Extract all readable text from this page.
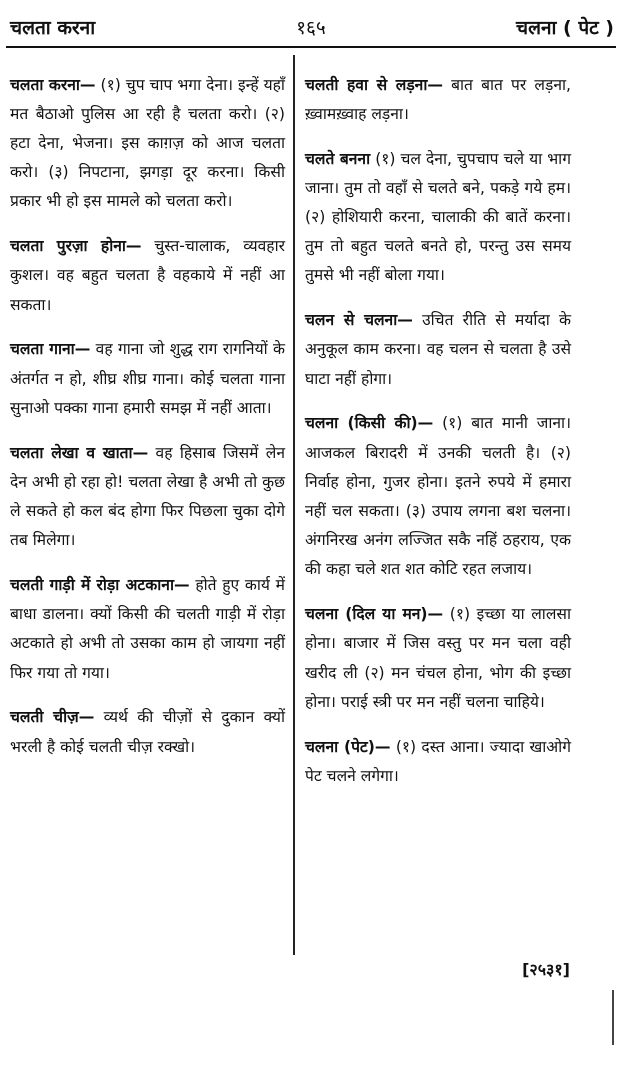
चलता करना	१६५	चलना ( पेट )

चलता करना— (१) चुप चाप भगा देना। इन्हें यहाँ मत बैठाओ पुलिस आ रही है चलता करो। (२) हटा देना, भेजना। इस काग़ज़ को आज चलता करो। (३) निपटाना, झगड़ा दूर करना। किसी प्रकार भी हो इस मामले को चलता करो।

चलता पुरज़ा होना— चुस्त-चालाक, व्यवहार कुशल। वह बहुत चलता है वहकाये में नहीं आ सकता।

चलता गाना— वह गाना जो शुद्ध राग रागनियों के अंतर्गत न हो, शीघ्र शीघ्र गाना। कोई चलता गाना सुनाओ पक्का गाना हमारी समझ में नहीं आता।

चलता लेखा व खाता— वह हिसाब जिसमें लेन देन अभी हो रहा हो! चलता लेखा है अभी तो कुछ ले सकते हो कल बंद होगा फिर पिछला चुका दोगे तब मिलेगा।

चलती गाड़ी में रोड़ा अटकाना— होते हुए कार्य में बाधा डालना। क्यों किसी की चलती गाड़ी में रोड़ा अटकाते हो अभी तो उसका काम हो जायगा नहीं फिर गया तो गया।

चलती चीज़— व्यर्थ की चीज़ों से दुकान क्यों भरली है कोई चलती चीज़ रक्खो।

चलती हवा से लड़ना— बात बात पर लड़ना, ख़्वामख़्वाह लड़ना।

चलते बनना (१) चल देना, चुपचाप चले या भाग जाना। तुम तो वहाँ से चलते बने, पकड़े गये हम। (२) होशियारी करना, चालाकी की बातें करना। तुम तो बहुत चलते बनते हो, परन्तु उस समय तुमसे भी नहीं बोला गया।

चलन से चलना— उचित रीति से मर्यादा के अनुकूल काम करना। वह चलन से चलता है उसे घाटा नहीं होगा।

चलना (किसी की)— (१) बात मानी जाना। आजकल बिरादरी में उनकी चलती है। (२) निर्वाह होना, गुजर होना। इतने रुपये में हमारा नहीं चल सकता। (३) उपाय लगना बश चलना। अंगनिरख अनंग लज्जित सकै नहिं ठहराय, एक की कहा चले शत शत कोटि रहत लजाय।

चलना (दिल या मन)— (१) इच्छा या लालसा होना। बाजार में जिस वस्तु पर मन चला वही खरीद ली (२) मन चंचल होना, भोग की इच्छा होना। पराई स्त्री पर मन नहीं चलना चाहिये।

चलना (पेट)— (१) दस्त आना। ज्यादा खाओगे पेट चलने लगेगा।

[२५३१]
